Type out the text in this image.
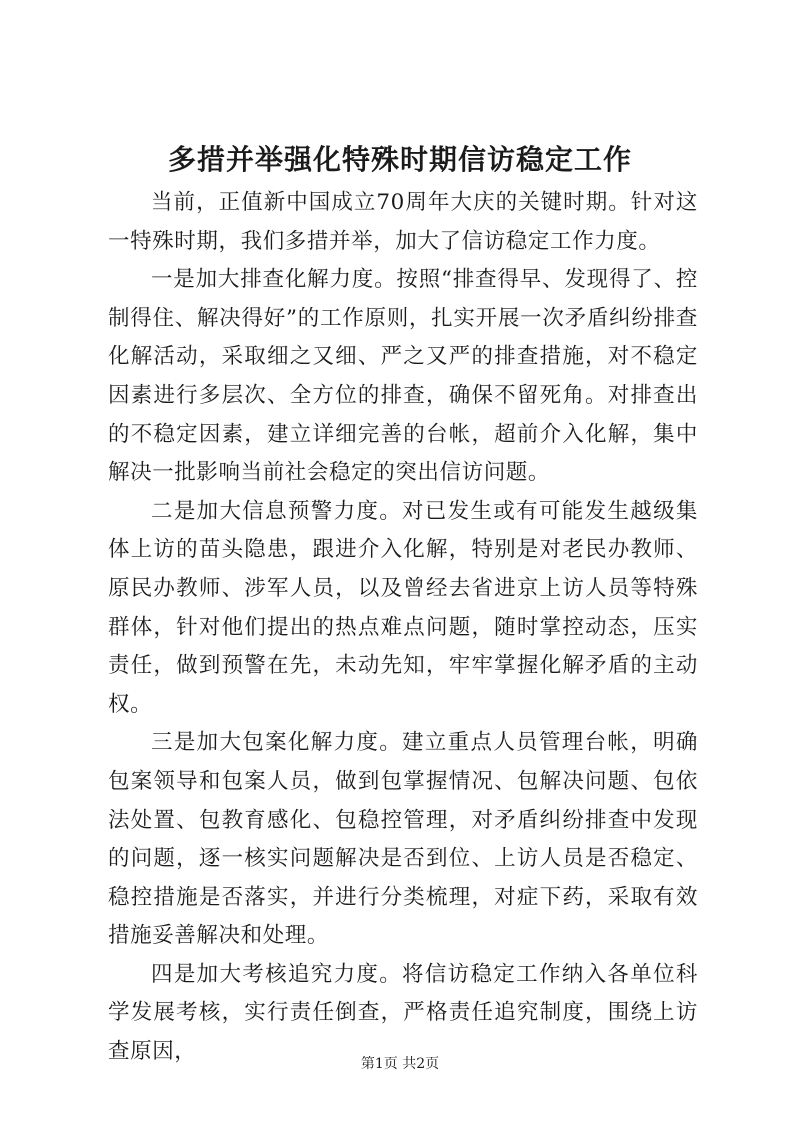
多措并举强化特殊时期信访稳定工作

当前，正值新中国成立70周年大庆的关键时期。针对这一特殊时期，我们多措并举，加大了信访稳定工作力度。

一是加大排查化解力度。按照“排查得早、发现得了、控制得住、解决得好”的工作原则，扎实开展一次矛盾纠纷排查化解活动，采取细之又细、严之又严的排查措施，对不稳定因素进行多层次、全方位的排查，确保不留死角。对排查出的不稳定因素，建立详细完善的台帐，超前介入化解，集中解决一批影响当前社会稳定的突出信访问题。

二是加大信息预警力度。对已发生或有可能发生越级集体上访的苗头隐患，跟进介入化解，特别是对老民办教师、原民办教师、涉军人员，以及曾经去省进京上访人员等特殊群体，针对他们提出的热点难点问题，随时掌控动态，压实责任，做到预警在先，未动先知，牢牢掌握化解矛盾的主动权。

三是加大包案化解力度。建立重点人员管理台帐，明确包案领导和包案人员，做到包掌握情况、包解决问题、包依法处置、包教育感化、包稳控管理，对矛盾纠纷排查中发现的问题，逐一核实问题解决是否到位、上访人员是否稳定、稳控措施是否落实，并进行分类梳理，对症下药，采取有效措施妥善解决和处理。

四是加大考核追究力度。将信访稳定工作纳入各单位科学发展考核，实行责任倒查，严格责任追究制度，围绕上访查原因，	第1页 共2页
